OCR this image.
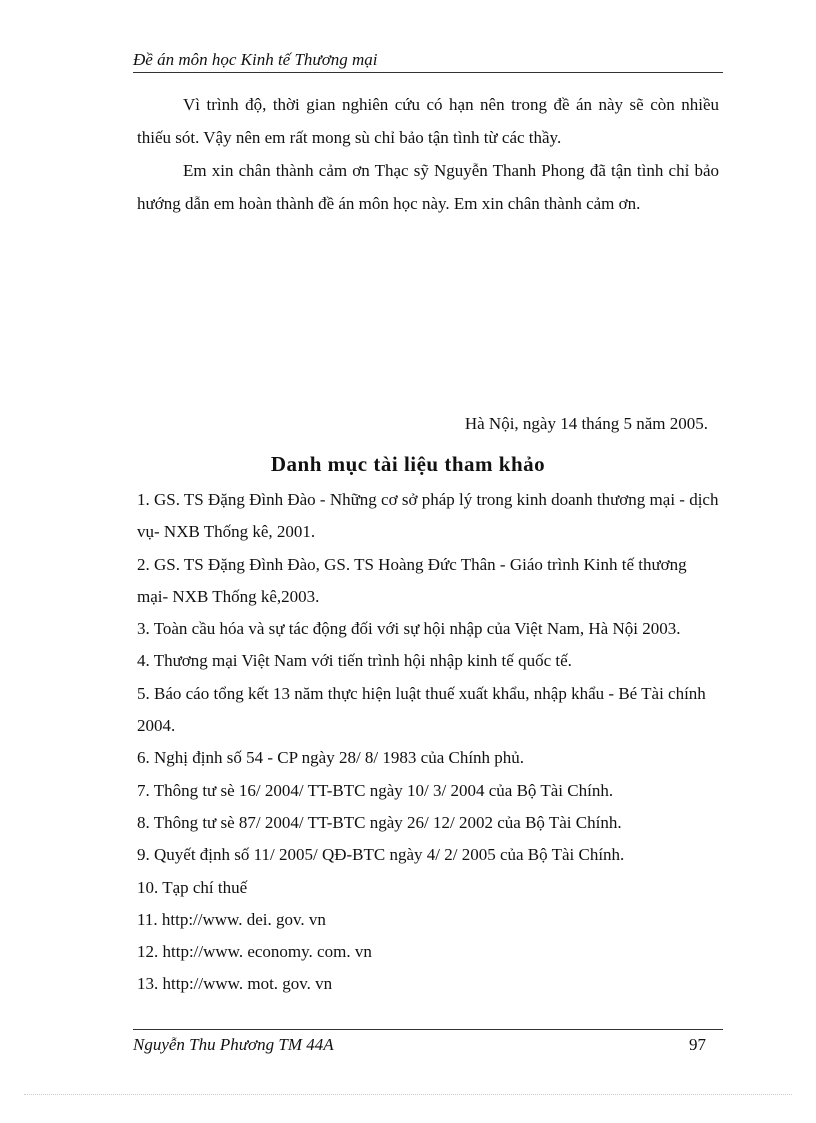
Đề án môn học Kinh tế Thương mại

Vì trình độ, thời gian nghiên cứu có hạn nên trong đề án này sẽ còn nhiều thiếu sót. Vậy nên em rất mong sù chỉ bảo tận tình từ các thầy.

Em xin chân thành cảm ơn Thạc sỹ Nguyễn Thanh Phong đã tận tình chỉ bảo hướng dẫn em hoàn thành đề án môn học này. Em xin chân thành cảm ơn.

Hà Nội, ngày 14 tháng 5 năm 2005.
Danh mục tài liệu tham khảo
1. GS. TS Đặng Đình Đào - Những cơ sở pháp lý trong kinh doanh thương mại - dịch vụ- NXB Thống kê, 2001.
2. GS. TS Đặng Đình Đào, GS. TS Hoàng Đức Thân - Giáo trình Kinh tế thương mại- NXB Thống kê,2003.
3. Toàn cầu hóa và sự tác động đối với sự hội nhập của Việt Nam, Hà Nội 2003.
4. Thương mại Việt Nam với tiến trình hội nhập kinh tế quốc tế.
5. Báo cáo tổng kết 13 năm thực hiện luật thuế xuất khẩu, nhập khẩu - Bé Tài chính 2004.
6. Nghị định số 54 - CP ngày 28/ 8/ 1983 của Chính phủ.
7. Thông tư sè 16/ 2004/ TT-BTC ngày 10/ 3/ 2004 của Bộ Tài Chính.
8. Thông tư sè 87/ 2004/ TT-BTC ngày 26/ 12/ 2002 của Bộ Tài Chính.
9. Quyết định số 11/ 2005/ QĐ-BTC ngày 4/ 2/ 2005 của Bộ Tài Chính.
10. Tạp chí thuế
11. http://www. dei. gov. vn
12. http://www. economy. com. vn
13. http://www. mot. gov. vn
Nguyễn Thu Phương TM 44A	97
